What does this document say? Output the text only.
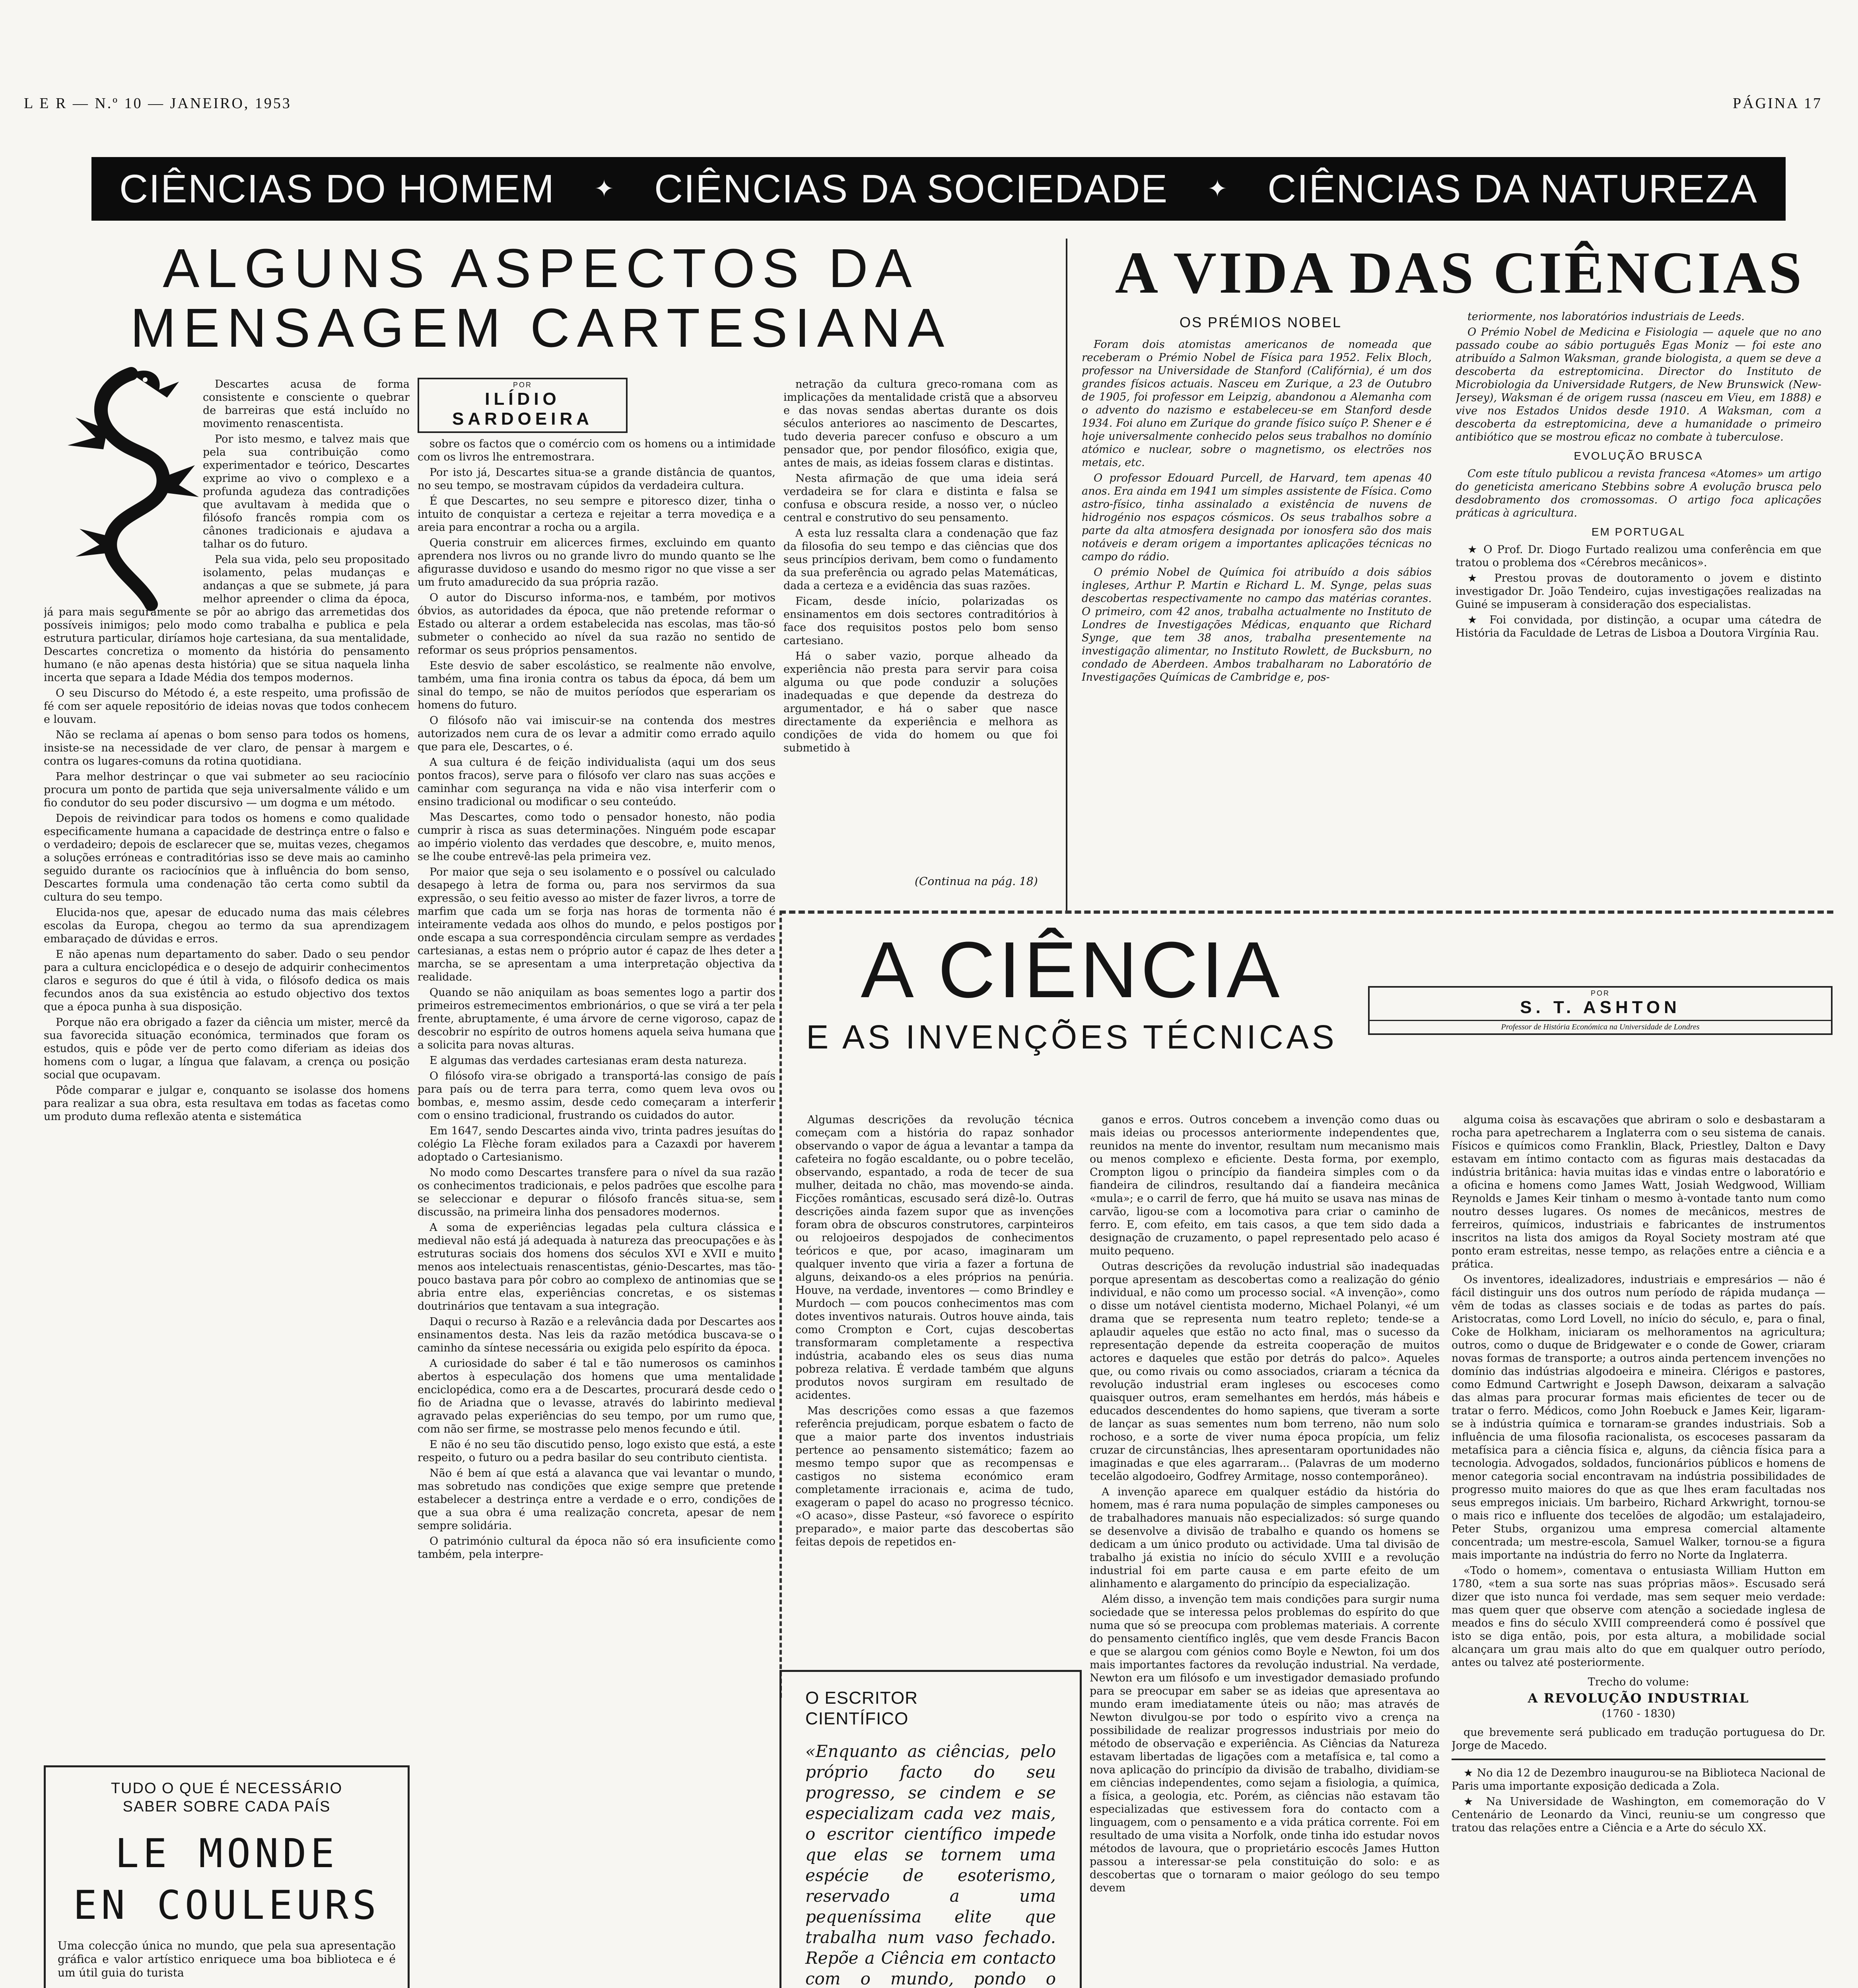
L E R — N.º 10 — JANEIRO, 1953	PÁGINA 17
CIÊNCIAS DO HOMEM ✦ CIÊNCIAS DA SOCIEDADE ✦ CIÊNCIAS DA NATUREZA
ALGUNS ASPECTOS DA MENSAGEM CARTESIANA
POR
ILÍDIO SARDOEIRA

Descartes acusa de forma consistente e consciente o quebrar de barreiras que está incluído no movimento renascentista.

Por isto mesmo, e talvez mais que pela sua contribuição como experimentador e teórico, Descartes exprime ao vivo o complexo e a profunda agudeza das contradições que avultavam à medida que o filósofo francês rompia com os cânones tradicionais e ajudava a talhar os do futuro.

Pela sua vida, pelo seu propositado isolamento, pelas mudanças e andanças a que se submete, já para melhor apreender o clima da época, já para mais seguramente se pôr ao abrigo das arremetidas dos possíveis inimigos; pelo modo como trabalha e publica e pela estrutura particular, diríamos hoje cartesiana, da sua mentalidade, Descartes concretiza o momento da história do pensamento humano (e não apenas desta história) que se situa naquela linha incerta que separa a Idade Média dos tempos modernos.

O seu Discurso do Método é, a este respeito, uma profissão de fé com ser aquele repositório de ideias novas que todos conhecem e louvam.

Não se reclama aí apenas o bom senso para todos os homens, insiste-se na necessidade de ver claro, de pensar à margem e contra os lugares-comuns da rotina quotidiana.

Para melhor destrinçar o que vai submeter ao seu raciocínio procura um ponto de partida que seja universalmente válido e um fio condutor do seu poder discursivo — um dogma e um método.

Depois de reivindicar para todos os homens e como qualidade especificamente humana a capacidade de destrinça entre o falso e o verdadeiro; depois de esclarecer que se, muitas vezes, chegamos a soluções erróneas e contraditórias isso se deve mais ao caminho seguido durante os raciocínios que à influência do bom senso, Descartes formula uma condenação tão certa como subtil da cultura do seu tempo.

Elucida-nos que, apesar de educado numa das mais célebres escolas da Europa, chegou ao termo da sua aprendizagem embaraçado de dúvidas e erros.

E não apenas num departamento do saber. Dado o seu pendor para a cultura enciclopédica e o desejo de adquirir conhecimentos claros e seguros do que é útil à vida, o filósofo dedica os mais fecundos anos da sua existência ao estudo objectivo dos textos que a época punha à sua disposição.

Porque não era obrigado a fazer da ciência um mister, mercê da sua favorecida situação económica, terminados que foram os estudos, quis e pôde ver de perto como diferiam as ideias dos homens com o lugar, a língua que falavam, a crença ou posição social que ocupavam.

Pôde comparar e julgar e, conquanto se isolasse dos homens para realizar a sua obra, esta resultava em todas as facetas como um produto duma reflexão atenta e sistemática

sobre os factos que o comércio com os homens ou a intimidade com os livros lhe entremostrara.

Por isto já, Descartes situa-se a grande distância de quantos, no seu tempo, se mostravam cúpidos da verdadeira cultura.

É que Descartes, no seu sempre e pitoresco dizer, tinha o intuito de conquistar a certeza e rejeitar a terra movediça e a areia para encontrar a rocha ou a argila.

Queria construir em alicerces firmes, excluindo em quanto aprendera nos livros ou no grande livro do mundo quanto se lhe afigurasse duvidoso e usando do mesmo rigor no que visse a ser um fruto amadurecido da sua própria razão.

O autor do Discurso informa-nos, e também, por motivos óbvios, as autoridades da época, que não pretende reformar o Estado ou alterar a ordem estabelecida nas escolas, mas tão-só submeter o conhecido ao nível da sua razão no sentido de reformar os seus próprios pensamentos.

Este desvio de saber escolástico, se realmente não envolve, também, uma fina ironia contra os tabus da época, dá bem um sinal do tempo, se não de muitos períodos que esperariam os homens do futuro.

O filósofo não vai imiscuir-se na contenda dos mestres autorizados nem cura de os levar a admitir como errado aquilo que para ele, Descartes, o é.

A sua cultura é de feição individualista (aqui um dos seus pontos fracos), serve para o filósofo ver claro nas suas acções e caminhar com segurança na vida e não visa interferir com o ensino tradicional ou modificar o seu conteúdo.

Mas Descartes, como todo o pensador honesto, não podia cumprir à risca as suas determinações. Ninguém pode escapar ao império violento das verdades que descobre, e, muito menos, se lhe coube entrevê-las pela primeira vez.

Por maior que seja o seu isolamento e o possível ou calculado desapego à letra de forma ou, para nos servirmos da sua expressão, o seu feitio avesso ao mister de fazer livros, a torre de marfim que cada um se forja nas horas de tormenta não é inteiramente vedada aos olhos do mundo, e pelos postigos por onde escapa a sua correspondência circulam sempre as verdades cartesianas, a estas nem o próprio autor é capaz de lhes deter a marcha, se se apresentam a uma interpretação objectiva da realidade.

Quando se não aniquilam as boas sementes logo a partir dos primeiros estremecimentos embrionários, o que se virá a ter pela frente, abruptamente, é uma árvore de cerne vigoroso, capaz de descobrir no espírito de outros homens aquela seiva humana que a solicita para novas alturas.

E algumas das verdades cartesianas eram desta natureza.

O filósofo vira-se obrigado a transportá-las consigo de país para país ou de terra para terra, como quem leva ovos ou bombas, e, mesmo assim, desde cedo começaram a interferir com o ensino tradicional, frustrando os cuidados do autor.

Em 1647, sendo Descartes ainda vivo, trinta padres jesuítas do colégio La Flèche foram exilados para a Cazaxdi por haverem adoptado o Cartesianismo.

No modo como Descartes transfere para o nível da sua razão os conhecimentos tradicionais, e pelos padrões que escolhe para se seleccionar e depurar o filósofo francês situa-se, sem discussão, na primeira linha dos pensadores modernos.

A soma de experiências legadas pela cultura clássica e medieval não está já adequada à natureza das preocupações e às estruturas sociais dos homens dos séculos XVI e XVII e muito menos aos intelectuais renascentistas, génio-Descartes, mas tão-pouco bastava para pôr cobro ao complexo de antinomias que se abria entre elas, experiências concretas, e os sistemas doutrinários que tentavam a sua integração.

Daqui o recurso à Razão e a relevância dada por Descartes aos ensinamentos desta. Nas leis da razão metódica buscava-se o caminho da síntese necessária ou exigida pelo espírito da época.

A curiosidade do saber é tal e tão numerosos os caminhos abertos à especulação dos homens que uma mentalidade enciclopédica, como era a de Descartes, procurará desde cedo o fio de Ariadna que o levasse, através do labirinto medieval agravado pelas experiências do seu tempo, por um rumo que, com não ser firme, se mostrasse pelo menos fecundo e útil.

E não é no seu tão discutido penso, logo existo que está, a este respeito, o futuro ou a pedra basilar do seu contributo cientista.

Não é bem aí que está a alavanca que vai levantar o mundo, mas sobretudo nas condições que exige sempre que pretende estabelecer a destrinça entre a verdade e o erro, condições de que a sua obra é uma realização concreta, apesar de nem sempre solidária.

O património cultural da época não só era insuficiente como também, pela interpre-

netração da cultura greco-romana com as implicações da mentalidade cristã que a absorveu e das novas sendas abertas durante os dois séculos anteriores ao nascimento de Descartes, tudo deveria parecer confuso e obscuro a um pensador que, por pendor filosófico, exigia que, antes de mais, as ideias fossem claras e distintas.

Nesta afirmação de que uma ideia será verdadeira se for clara e distinta e falsa se confusa e obscura reside, a nosso ver, o núcleo central e construtivo do seu pensamento.

A esta luz ressalta clara a condenação que faz da filosofia do seu tempo e das ciências que dos seus princípios derivam, bem como o fundamento da sua preferência ou agrado pelas Matemáticas, dada a certeza e a evidência das suas razões.

Ficam, desde início, polarizadas os ensinamentos em dois sectores contraditórios à face dos requisitos postos pelo bom senso cartesiano.

Há o saber vazio, porque alheado da experiência não presta para servir para coisa alguma ou que pode conduzir a soluções inadequadas e que depende da destreza do argumentador, e há o saber que nasce directamente da experiência e melhora as condições de vida do homem ou que foi submetido à

(Continua na pág. 18)
A VIDA DAS CIÊNCIAS
OS PRÉMIOS NOBEL

Foram dois atomistas americanos de nomeada que receberam o Prémio Nobel de Física para 1952. Felix Bloch, professor na Universidade de Stanford (Califórnia), é um dos grandes físicos actuais. Nasceu em Zurique, a 23 de Outubro de 1905, foi professor em Leipzig, abandonou a Alemanha com o advento do nazismo e estabeleceu-se em Stanford desde 1934. Foi aluno em Zurique do grande físico suíço P. Shener e é hoje universalmente conhecido pelos seus trabalhos no domínio atómico e nuclear, sobre o magnetismo, os electrões nos metais, etc.

O professor Edouard Purcell, de Harvard, tem apenas 40 anos. Era ainda em 1941 um simples assistente de Física. Como astro-físico, tinha assinalado a existência de nuvens de hidrogénio nos espaços cósmicos. Os seus trabalhos sobre a parte da alta atmosfera designada por ionosfera são dos mais notáveis e deram origem a importantes aplicações técnicas no campo do rádio.

O prémio Nobel de Química foi atribuído a dois sábios ingleses, Arthur P. Martin e Richard L. M. Synge, pelas suas descobertas respectivamente no campo das matérias corantes. O primeiro, com 42 anos, trabalha actualmente no Instituto de Londres de Investigações Médicas, enquanto que Richard Synge, que tem 38 anos, trabalha presentemente na investigação alimentar, no Instituto Rowlett, de Bucksburn, no condado de Aberdeen. Ambos trabalharam no Laboratório de Investigações Químicas de Cambridge e, pos-

teriormente, nos laboratórios industriais de Leeds.

O Prémio Nobel de Medicina e Fisiologia — aquele que no ano passado coube ao sábio português Egas Moniz — foi este ano atribuído a Salmon Waksman, grande biologista, a quem se deve a descoberta da estreptomicina. Director do Instituto de Microbiologia da Universidade Rutgers, de New Brunswick (New-Jersey), Waksman é de origem russa (nasceu em Vieu, em 1888) e vive nos Estados Unidos desde 1910. A Waksman, com a descoberta da estreptomicina, deve a humanidade o primeiro antibiótico que se mostrou eficaz no combate à tuberculose.

EVOLUÇÃO BRUSCA

Com este título publicou a revista francesa «Atomes» um artigo do geneticista americano Stebbins sobre A evolução brusca pelo desdobramento dos cromossomas. O artigo foca aplicações práticas à agricultura.

EM PORTUGAL

★ O Prof. Dr. Diogo Furtado realizou uma conferência em que tratou o problema dos «Cérebros mecânicos».

★ Prestou provas de doutoramento o jovem e distinto investigador Dr. João Tendeiro, cujas investigações realizadas na Guiné se impuseram à consideração dos especialistas.

★ Foi convidada, por distinção, a ocupar uma cátedra de História da Faculdade de Letras de Lisboa a Doutora Virgínia Rau.

A CIÊNCIA
E AS INVENÇÕES TÉCNICAS
POR
S. T. ASHTON
Professor de História Económica na Universidade de Londres

Algumas descrições da revolução técnica começam com a história do rapaz sonhador observando o vapor de água a levantar a tampa da cafeteira no fogão escaldante, ou o pobre tecelão, observando, espantado, a roda de tecer de sua mulher, deitada no chão, mas movendo-se ainda. Ficções românticas, escusado será dizê-lo. Outras descrições ainda fazem supor que as invenções foram obra de obscuros construtores, carpinteiros ou relojoeiros despojados de conhecimentos teóricos e que, por acaso, imaginaram um qualquer invento que viria a fazer a fortuna de alguns, deixando-os a eles próprios na penúria. Houve, na verdade, inventores — como Brindley e Murdoch — com poucos conhecimentos mas com dotes inventivos naturais. Outros houve ainda, tais como Crompton e Cort, cujas descobertas transformaram completamente a respectiva indústria, acabando eles os seus dias numa pobreza relativa. É verdade também que alguns produtos novos surgiram em resultado de acidentes.

Mas descrições como essas a que fazemos referência prejudicam, porque esbatem o facto de que a maior parte dos inventos industriais pertence ao pensamento sistemático; fazem ao mesmo tempo supor que as recompensas e castigos no sistema económico eram completamente irracionais e, acima de tudo, exageram o papel do acaso no progresso técnico. «O acaso», disse Pasteur, «só favorece o espírito preparado», e maior parte das descobertas são feitas depois de repetidos en-

ganos e erros. Outros concebem a invenção como duas ou mais ideias ou processos anteriormente independentes que, reunidos na mente do inventor, resultam num mecanismo mais ou menos complexo e eficiente. Desta forma, por exemplo, Crompton ligou o princípio da fiandeira simples com o da fiandeira de cilindros, resultando daí a fiandeira mecânica «mula»; e o carril de ferro, que há muito se usava nas minas de carvão, ligou-se com a locomotiva para criar o caminho de ferro. E, com efeito, em tais casos, a que tem sido dada a designação de cruzamento, o papel representado pelo acaso é muito pequeno.

Outras descrições da revolução industrial são inadequadas porque apresentam as descobertas como a realização do génio individual, e não como um processo social. «A invenção», como o disse um notável cientista moderno, Michael Polanyi, «é um drama que se representa num teatro repleto; tende-se a aplaudir aqueles que estão no acto final, mas o sucesso da representação depende da estreita cooperação de muitos actores e daqueles que estão por detrás do palco». Aqueles que, ou como rivais ou como associados, criaram a técnica da revolução industrial eram ingleses ou escoceses como quaisquer outros, eram semelhantes em herdós, más hábeis e educados descendentes do homo sapiens, que tiveram a sorte de lançar as suas sementes num bom terreno, não num solo rochoso, e a sorte de viver numa época propícia, um feliz cruzar de circunstâncias, lhes apresentaram oportunidades não imaginadas e que eles agarraram... (Palavras de um moderno tecelão algodoeiro, Godfrey Armitage, nosso contemporâneo).

A invenção aparece em qualquer estádio da história do homem, mas é rara numa população de simples camponeses ou de trabalhadores manuais não especializados: só surge quando se desenvolve a divisão de trabalho e quando os homens se dedicam a um único produto ou actividade. Uma tal divisão de trabalho já existia no início do século XVIII e a revolução industrial foi em parte causa e em parte efeito de um alinhamento e alargamento do princípio da especialização.

Além disso, a invenção tem mais condições para surgir numa sociedade que se interessa pelos problemas do espírito do que numa que só se preocupa com problemas materiais. A corrente do pensamento científico inglês, que vem desde Francis Bacon e que se alargou com génios como Boyle e Newton, foi um dos mais importantes factores da revolução industrial. Na verdade, Newton era um filósofo e um investigador demasiado profundo para se preocupar em saber se as ideias que apresentava ao mundo eram imediatamente úteis ou não; mas através de Newton divulgou-se por todo o espírito vivo a crença na possibilidade de realizar progressos industriais por meio do método de observação e experiência. As Ciências da Natureza estavam libertadas de ligações com a metafísica e, tal como a nova aplicação do princípio da divisão de trabalho, dividiam-se em ciências independentes, como sejam a fisiologia, a química, a física, a geologia, etc. Porém, as ciências não estavam tão especializadas que estivessem fora do contacto com a linguagem, com o pensamento e a vida prática corrente. Foi em resultado de uma visita a Norfolk, onde tinha ido estudar novos métodos de lavoura, que o proprietário escocês James Hutton passou a interessar-se pela constituição do solo: e as descobertas que o tornaram o maior geólogo do seu tempo devem

alguma coisa às escavações que abriram o solo e desbastaram a rocha para apetrecharem a Inglaterra com o seu sistema de canais. Físicos e químicos como Franklin, Black, Priestley, Dalton e Davy estavam em íntimo contacto com as figuras mais destacadas da indústria britânica: havia muitas idas e vindas entre o laboratório e a oficina e homens como James Watt, Josiah Wedgwood, William Reynolds e James Keir tinham o mesmo à-vontade tanto num como noutro desses lugares. Os nomes de mecânicos, mestres de ferreiros, químicos, industriais e fabricantes de instrumentos inscritos na lista dos amigos da Royal Society mostram até que ponto eram estreitas, nesse tempo, as relações entre a ciência e a prática.

Os inventores, idealizadores, industriais e empresários — não é fácil distinguir uns dos outros num período de rápida mudança — vêm de todas as classes sociais e de todas as partes do país. Aristocratas, como Lord Lovell, no início do século, e, para o final, Coke de Holkham, iniciaram os melhoramentos na agricultura; outros, como o duque de Bridgewater e o conde de Gower, criaram novas formas de transporte; a outros ainda pertencem invenções no domínio das indústrias algodoeira e mineira. Clérigos e pastores, como Edmund Cartwright e Joseph Dawson, deixaram a salvação das almas para procurar formas mais eficientes de tecer ou de tratar o ferro. Médicos, como John Roebuck e James Keir, ligaram-se à indústria química e tornaram-se grandes industriais. Sob a influência de uma filosofia racionalista, os escoceses passaram da metafísica para a ciência física e, alguns, da ciência física para a tecnologia. Advogados, soldados, funcionários públicos e homens de menor categoria social encontravam na indústria possibilidades de progresso muito maiores do que as que lhes eram facultadas nos seus empregos iniciais. Um barbeiro, Richard Arkwright, tornou-se o mais rico e influente dos tecelões de algodão; um estalajadeiro, Peter Stubs, organizou uma empresa comercial altamente concentrada; um mestre-escola, Samuel Walker, tornou-se a figura mais importante na indústria do ferro no Norte da Inglaterra.

«Todo o homem», comentava o entusiasta William Hutton em 1780, «tem a sua sorte nas suas próprias mãos». Escusado será dizer que isto nunca foi verdade, mas sem sequer meio verdade: mas quem quer que observe com atenção a sociedade inglesa de meados e fins do século XVIII compreenderá como é possível que isto se diga então, pois, por esta altura, a mobilidade social alcançara um grau mais alto do que em qualquer outro período, antes ou talvez até posteriormente.

Trecho do volume:
A REVOLUÇÃO INDUSTRIAL
(1760 - 1830)

que brevemente será publicado em tradução portuguesa do Dr. Jorge de Macedo.

★ No dia 12 de Dezembro inaugurou-se na Biblioteca Nacional de Paris uma importante exposição dedicada a Zola.

★ Na Universidade de Washington, em comemoração do V Centenário de Leonardo da Vinci, reuniu-se um congresso que tratou das relações entre a Ciência e a Arte do século XX.

O ESCRITOR
CIENTÍFICO
«Enquanto as ciências, pelo próprio facto do seu progresso, se cindem e se especializam cada vez mais, o escritor científico impede que elas se tornem uma espécie de esoterismo, reservado a uma pequeníssima elite que trabalha num vaso fechado. Repõe a Ciência em contacto com o mundo, pondo o
TUDO O QUE É NECESSÁRIO
SABER SOBRE CADA PAÍS
LE MONDE
EN COULEURS
Uma colecção única no mundo, que pela sua apresentação gráfica e valor artístico enriquece uma boa biblioteca e é um útil guia do turista
